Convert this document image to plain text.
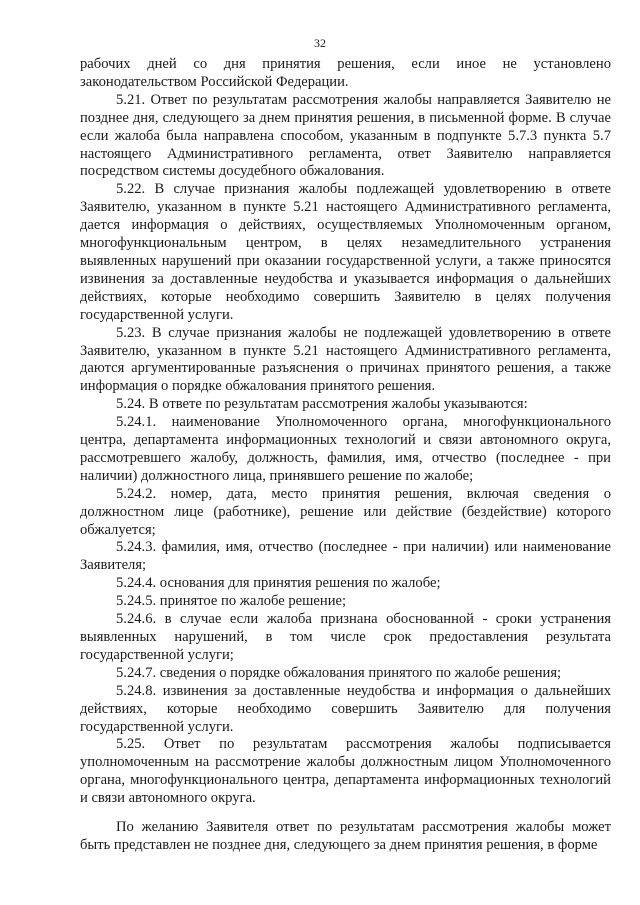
32

рабочих дней со дня принятия решения, если иное не установлено законодательством Российской Федерации.

5.21. Ответ по результатам рассмотрения жалобы направляется Заявителю не позднее дня, следующего за днем принятия решения, в письменной форме. В случае если жалоба была направлена способом, указанным в подпункте 5.7.3 пункта 5.7 настоящего Административного регламента, ответ Заявителю направляется посредством системы досудебного обжалования.

5.22. В случае признания жалобы подлежащей удовлетворению в ответе Заявителю, указанном в пункте 5.21 настоящего Административного регламента, дается информация о действиях, осуществляемых Уполномоченным органом, многофункциональным центром, в целях незамедлительного устранения выявленных нарушений при оказании государственной услуги, а также приносятся извинения за доставленные неудобства и указывается информация о дальнейших действиях, которые необходимо совершить Заявителю в целях получения государственной услуги.

5.23. В случае признания жалобы не подлежащей удовлетворению в ответе Заявителю, указанном в пункте 5.21 настоящего Административного регламента, даются аргументированные разъяснения о причинах принятого решения, а также информация о порядке обжалования принятого решения.

5.24. В ответе по результатам рассмотрения жалобы указываются:

5.24.1. наименование Уполномоченного органа, многофункционального центра, департамента информационных технологий и связи автономного округа, рассмотревшего жалобу, должность, фамилия, имя, отчество (последнее - при наличии) должностного лица, принявшего решение по жалобе;

5.24.2. номер, дата, место принятия решения, включая сведения о должностном лице (работнике), решение или действие (бездействие) которого обжалуется;

5.24.3. фамилия, имя, отчество (последнее - при наличии) или наименование Заявителя;

5.24.4. основания для принятия решения по жалобе;

5.24.5. принятое по жалобе решение;

5.24.6. в случае если жалоба признана обоснованной - сроки устранения выявленных нарушений, в том числе срок предоставления результата государственной услуги;

5.24.7. сведения о порядке обжалования принятого по жалобе решения;

5.24.8. извинения за доставленные неудобства и информация о дальнейших действиях, которые необходимо совершить Заявителю для получения государственной услуги.

5.25. Ответ по результатам рассмотрения жалобы подписывается уполномоченным на рассмотрение жалобы должностным лицом Уполномоченного органа, многофункционального центра, департамента информационных технологий и связи автономного округа.

По желанию Заявителя ответ по результатам рассмотрения жалобы может быть представлен не позднее дня, следующего за днем принятия решения, в форме
